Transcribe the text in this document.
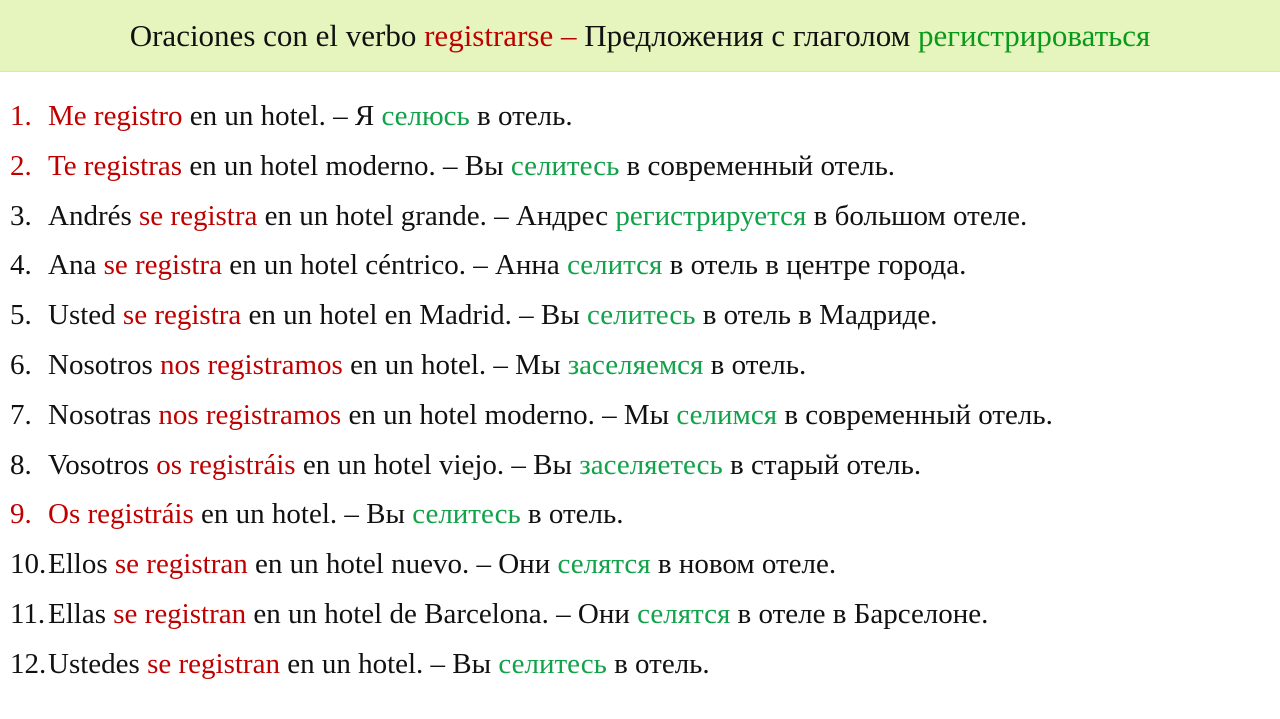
Oraciones con el verbo registrarse – Предложения с глаголом регистрироваться
1. Me registro en un hotel. – Я селюсь в отель.
2. Te registras en un hotel moderno. – Вы селитесь в современный отель.
3. Andrés se registra en un hotel grande. – Андрес регистрируется в большом отеле.
4. Ana se registra en un hotel céntrico. – Анна селится в отель в центре города.
5. Usted se registra en un hotel en Madrid. – Вы селитесь в отель в Мадриде.
6. Nosotros nos registramos en un hotel. – Мы заселяемся в отель.
7. Nosotras nos registramos en un hotel moderno. – Мы селимся в современный отель.
8. Vosotros os registráis en un hotel viejo. – Вы заселяетесь в старый отель.
9. Os registráis en un hotel. – Вы селитесь в отель.
10. Ellos se registran en un hotel nuevo. – Они селятся в новом отеле.
11. Ellas se registran en un hotel de Barcelona. – Они селятся в отеле в Барселоне.
12. Ustedes se registran en un hotel. – Вы селитесь в отель.
